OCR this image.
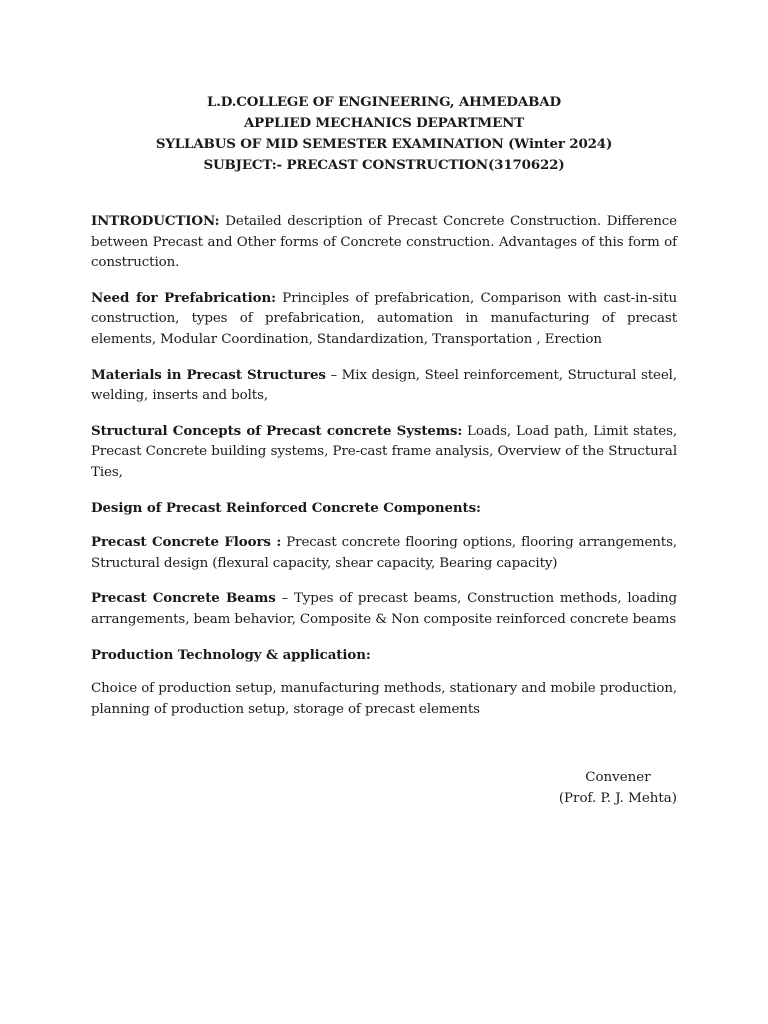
L.D.COLLEGE OF ENGINEERING, AHMEDABAD
APPLIED MECHANICS DEPARTMENT
SYLLABUS OF MID SEMESTER EXAMINATION (Winter 2024)
SUBJECT:- PRECAST CONSTRUCTION(3170622)

INTRODUCTION: Detailed description of Precast Concrete Construction. Difference between Precast and Other forms of Concrete construction. Advantages of this form of construction.

Need for Prefabrication: Principles of prefabrication, Comparison with cast-in-situ construction, types of prefabrication, automation in manufacturing of precast elements, Modular Coordination, Standardization, Transportation , Erection

Materials in Precast Structures – Mix design, Steel reinforcement, Structural steel, welding, inserts and bolts,

Structural Concepts of Precast concrete Systems: Loads, Load path, Limit states, Precast Concrete building systems, Pre-cast frame analysis, Overview of the Structural Ties,

Design of Precast Reinforced Concrete Components:

Precast Concrete Floors : Precast concrete flooring options, flooring arrangements, Structural design (flexural capacity, shear capacity, Bearing capacity)

Precast Concrete Beams – Types of precast beams, Construction methods, loading arrangements, beam behavior, Composite & Non composite reinforced concrete beams

Production Technology & application:

Choice of production setup, manufacturing methods, stationary and mobile production, planning of production setup, storage of precast elements

Convener
(Prof. P. J. Mehta)
